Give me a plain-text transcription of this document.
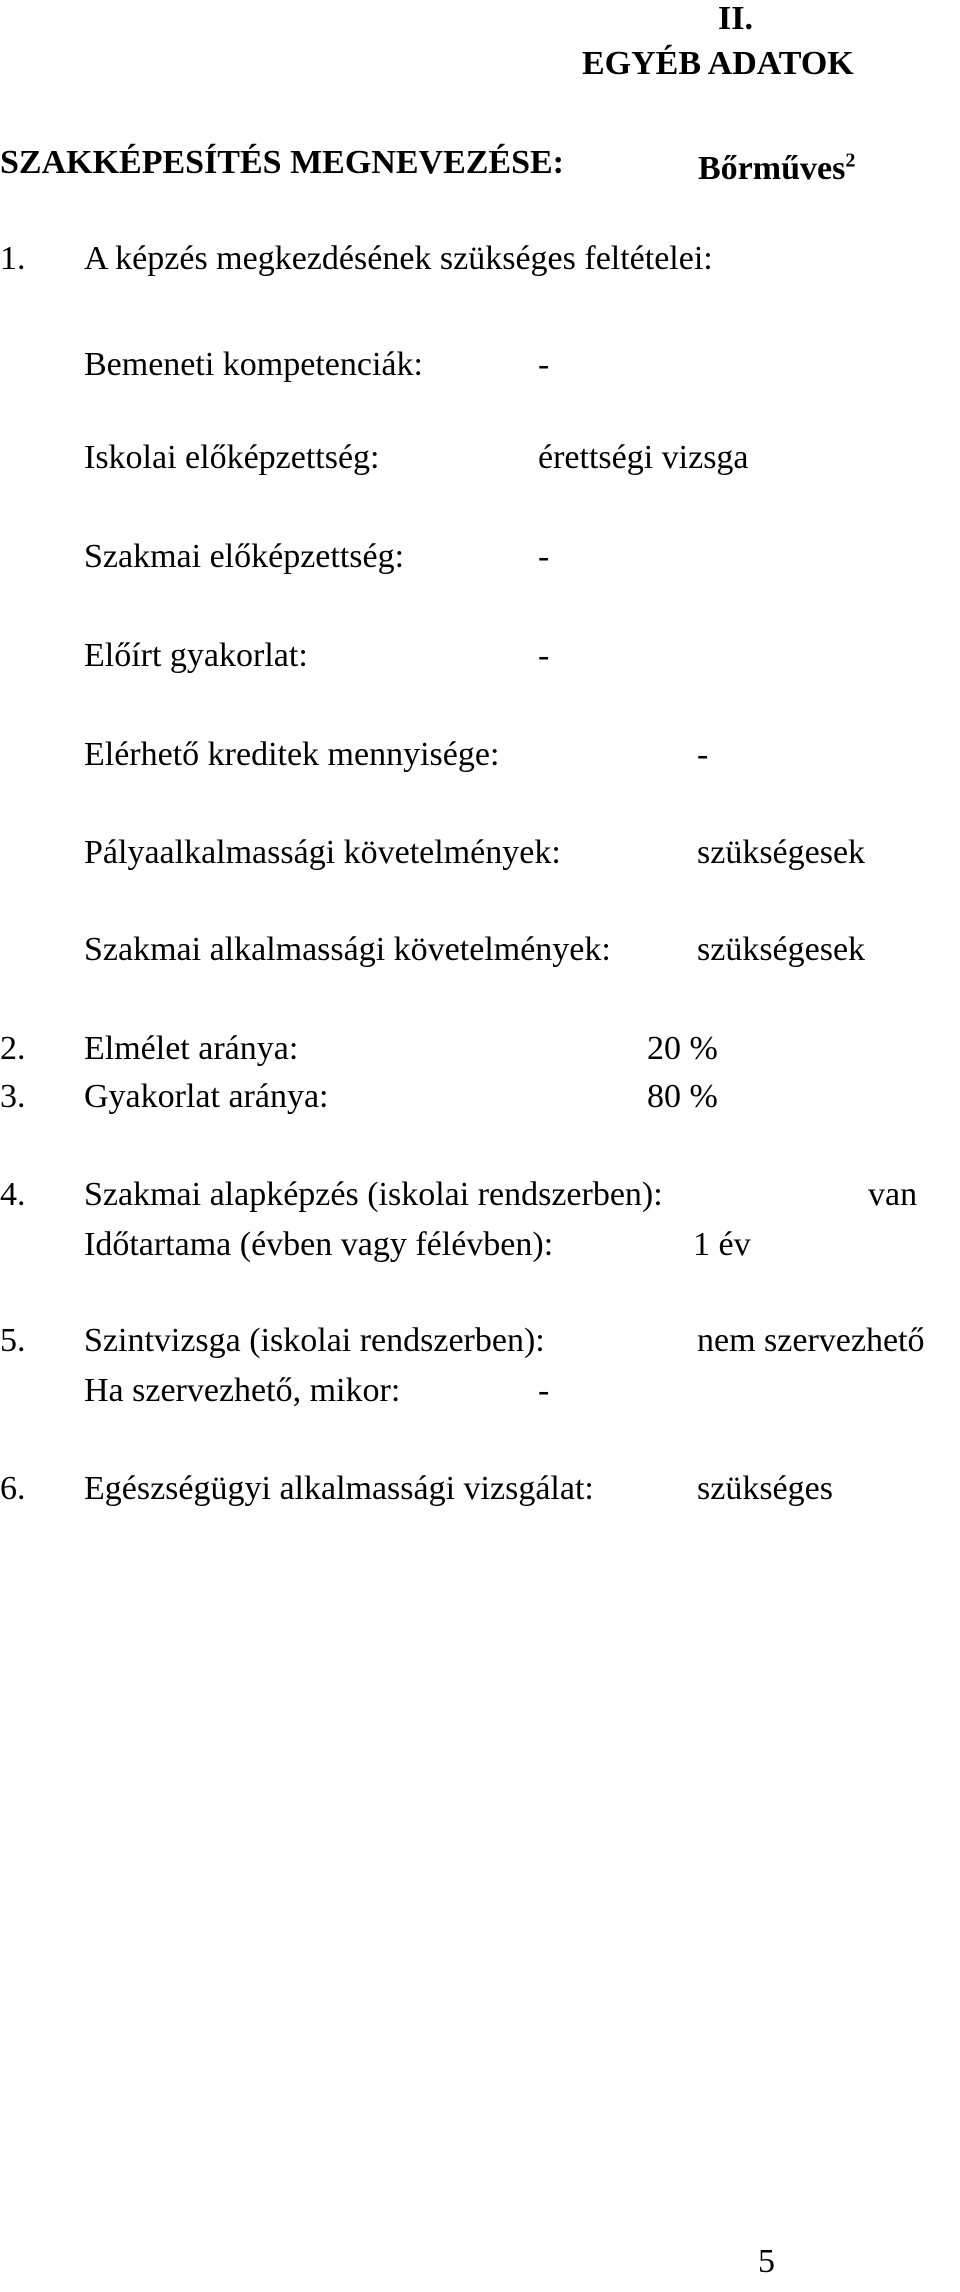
II.
EGYÉB ADATOK
SZAKKÉPESÍTÉS MEGNEVEZÉSE:	Bőrműves$^2$
1. A képzés megkezdésének szükséges feltételei:
Bemeneti kompetenciák:	-
Iskolai előképzettség:	érettségi vizsga
Szakmai előképzettség:	-
Előírt gyakorlat:	-
Elérhető kreditek mennyisége:	-
Pályaalkalmassági követelmények:	szükségesek
Szakmai alkalmassági követelmények:	szükségesek
2. Elmélet aránya:	20 %
3. Gyakorlat aránya:	80 %
4. Szakmai alapképzés (iskolai rendszerben):	van
Időtartama (évben vagy félévben):	1 év
5. Szintvizsga (iskolai rendszerben):	nem szervezhető
Ha szervezhető, mikor:	-
6. Egészségügyi alkalmassági vizsgálat:	szükséges
5
